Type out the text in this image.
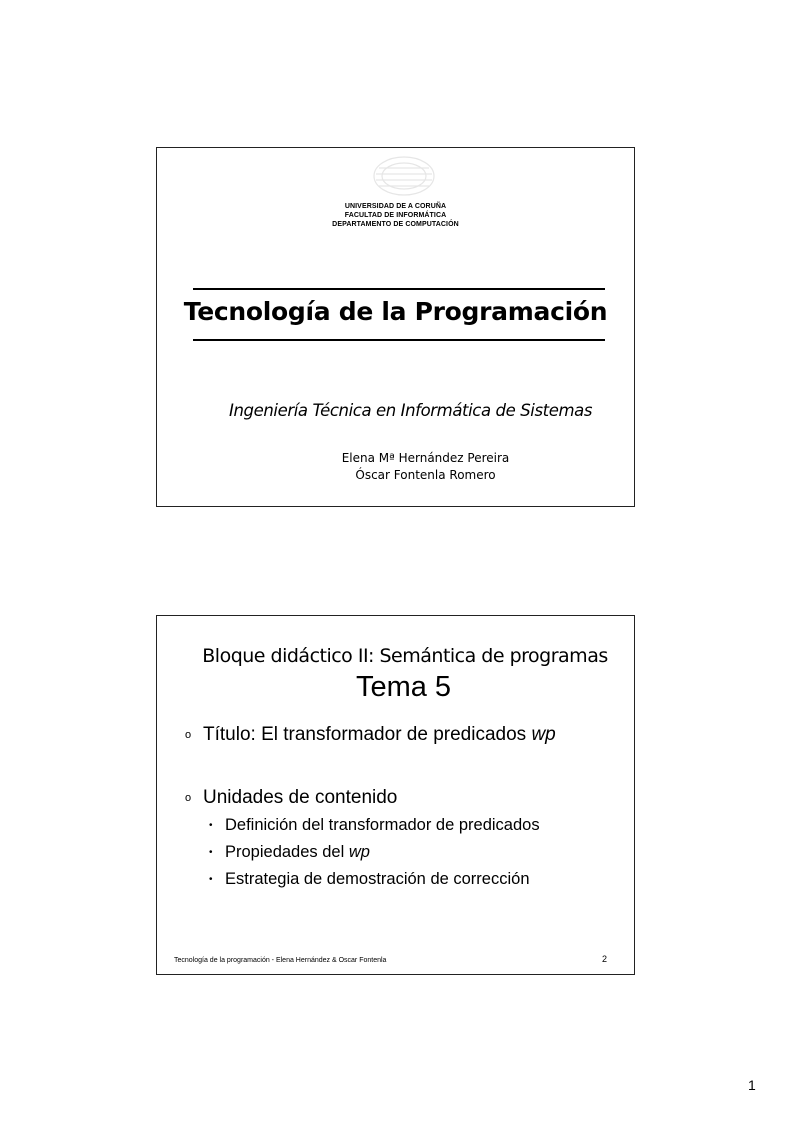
UNIVERSIDAD DE A CORUÑA
FACULTAD DE INFORMÁTICA
DEPARTAMENTO DE COMPUTACIÓN
Tecnología de la Programación
Ingeniería Técnica en Informática de Sistemas
Elena Mª Hernández Pereira
Óscar Fontenla Romero
Bloque didáctico II: Semántica de programas
Tema 5
o Título: El transformador de predicados wp
o Unidades de contenido
• Definición del transformador de predicados
• Propiedades del wp
• Estrategia de demostración de corrección
Tecnología de la programación - Elena Hernández & Oscar Fontenla	2
1
